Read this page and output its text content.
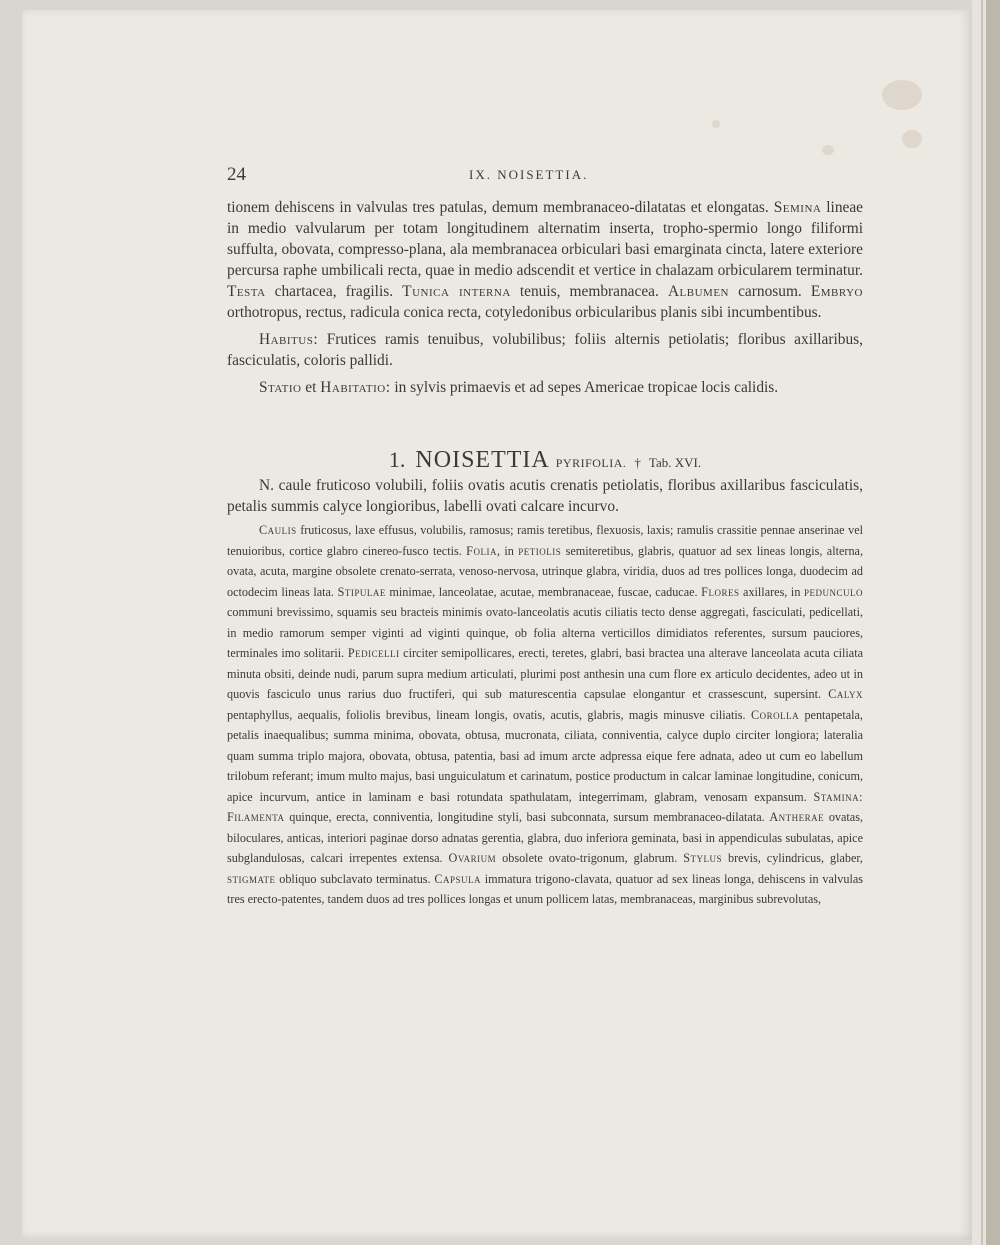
24	IX. NOISETTIA.

tionem dehiscens in valvulas tres patulas, demum membranaceo-dilatatas et elongatas. Semina lineae in medio valvularum per totam longitudinem alternatim inserta, tropho-spermio longo filiformi suffulta, obovata, compresso-plana, ala membranacea orbiculari basi emarginata cincta, latere exteriore percursa raphe umbilicali recta, quae in medio adscendit et vertice in chalazam orbicularem terminatur. Testa chartacea, fragilis. Tunica interna tenuis, membranacea. Albumen carnosum. Embryo orthotropus, rectus, radicula conica recta, cotyledonibus orbicularibus planis sibi incumbentibus.

Habitus: Frutices ramis tenuibus, volubilibus; foliis alternis petiolatis; floribus axillaribus, fasciculatis, coloris pallidi.

Statio et Habitatio: in sylvis primaevis et ad sepes Americae tropicae locis calidis.

1. NOISETTIA PYRIFOLIA. † Tab. XVI.

N. caule fruticoso volubili, foliis ovatis acutis crenatis petiolatis, floribus axillaribus fasciculatis, petalis summis calyce longioribus, labelli ovati calcare incurvo.

Caulis fruticosus, laxe effusus, volubilis, ramosus; ramis teretibus, flexuosis, laxis; ramulis crassitie pennae anserinae vel tenuioribus, cortice glabro cinereo-fusco tectis. Folia, in petiolis semiteretibus, glabris, quatuor ad sex lineas longis, alterna, ovata, acuta, margine obsolete crenato-serrata, venoso-nervosa, utrinque glabra, viridia, duos ad tres pollices longa, duodecim ad octodecim lineas lata. Stipulae minimae, lanceolatae, acutae, membranaceae, fuscae, caducae. Flores axillares, in pedunculo communi brevissimo, squamis seu bracteis minimis ovato-lanceolatis acutis ciliatis tecto dense aggregati, fasciculati, pedicellati, in medio ramorum semper viginti ad viginti quinque, ob folia alterna verticillos dimidiatos referentes, sursum pauciores, terminales imo solitarii. Pedicelli circiter semipollicares, erecti, teretes, glabri, basi bractea una alterave lanceolata acuta ciliata minuta obsiti, deinde nudi, parum supra medium articulati, plurimi post anthesin una cum flore ex articulo decidentes, adeo ut in quovis fasciculo unus rarius duo fructiferi, qui sub maturescentia capsulae elongantur et crassescunt, supersint. Calyx pentaphyllus, aequalis, foliolis brevibus, lineam longis, ovatis, acutis, glabris, magis minusve ciliatis. Corolla pentapetala, petalis inaequalibus; summa minima, obovata, obtusa, mucronata, ciliata, conniventia, calyce duplo circiter longiora; lateralia quam summa triplo majora, obovata, obtusa, patentia, basi ad imum arcte adpressa eique fere adnata, adeo ut cum eo labellum trilobum referant; imum multo majus, basi unguiculatum et carinatum, postice productum in calcar laminae longitudine, conicum, apice incurvum, antice in laminam e basi rotundata spathulatam, integerrimam, glabram, venosam expansum. Stamina: Filamenta quinque, erecta, conniventia, longitudine styli, basi subconnata, sursum membranaceo-dilatata. Antherae ovatas, biloculares, anticas, interiori paginae dorso adnatas gerentia, glabra, duo inferiora geminata, basi in appendiculas subulatas, apice subglandulosas, calcari irrepentes extensa. Ovarium obsolete ovato-trigonum, glabrum. Stylus brevis, cylindricus, glaber, stigmate obliquo subclavato terminatus. Capsula immatura trigono-clavata, quatuor ad sex lineas longa, dehiscens in valvulas tres erecto-patentes, tandem duos ad tres pollices longas et unum pollicem latas, membranaceas, marginibus subrevolutas,
